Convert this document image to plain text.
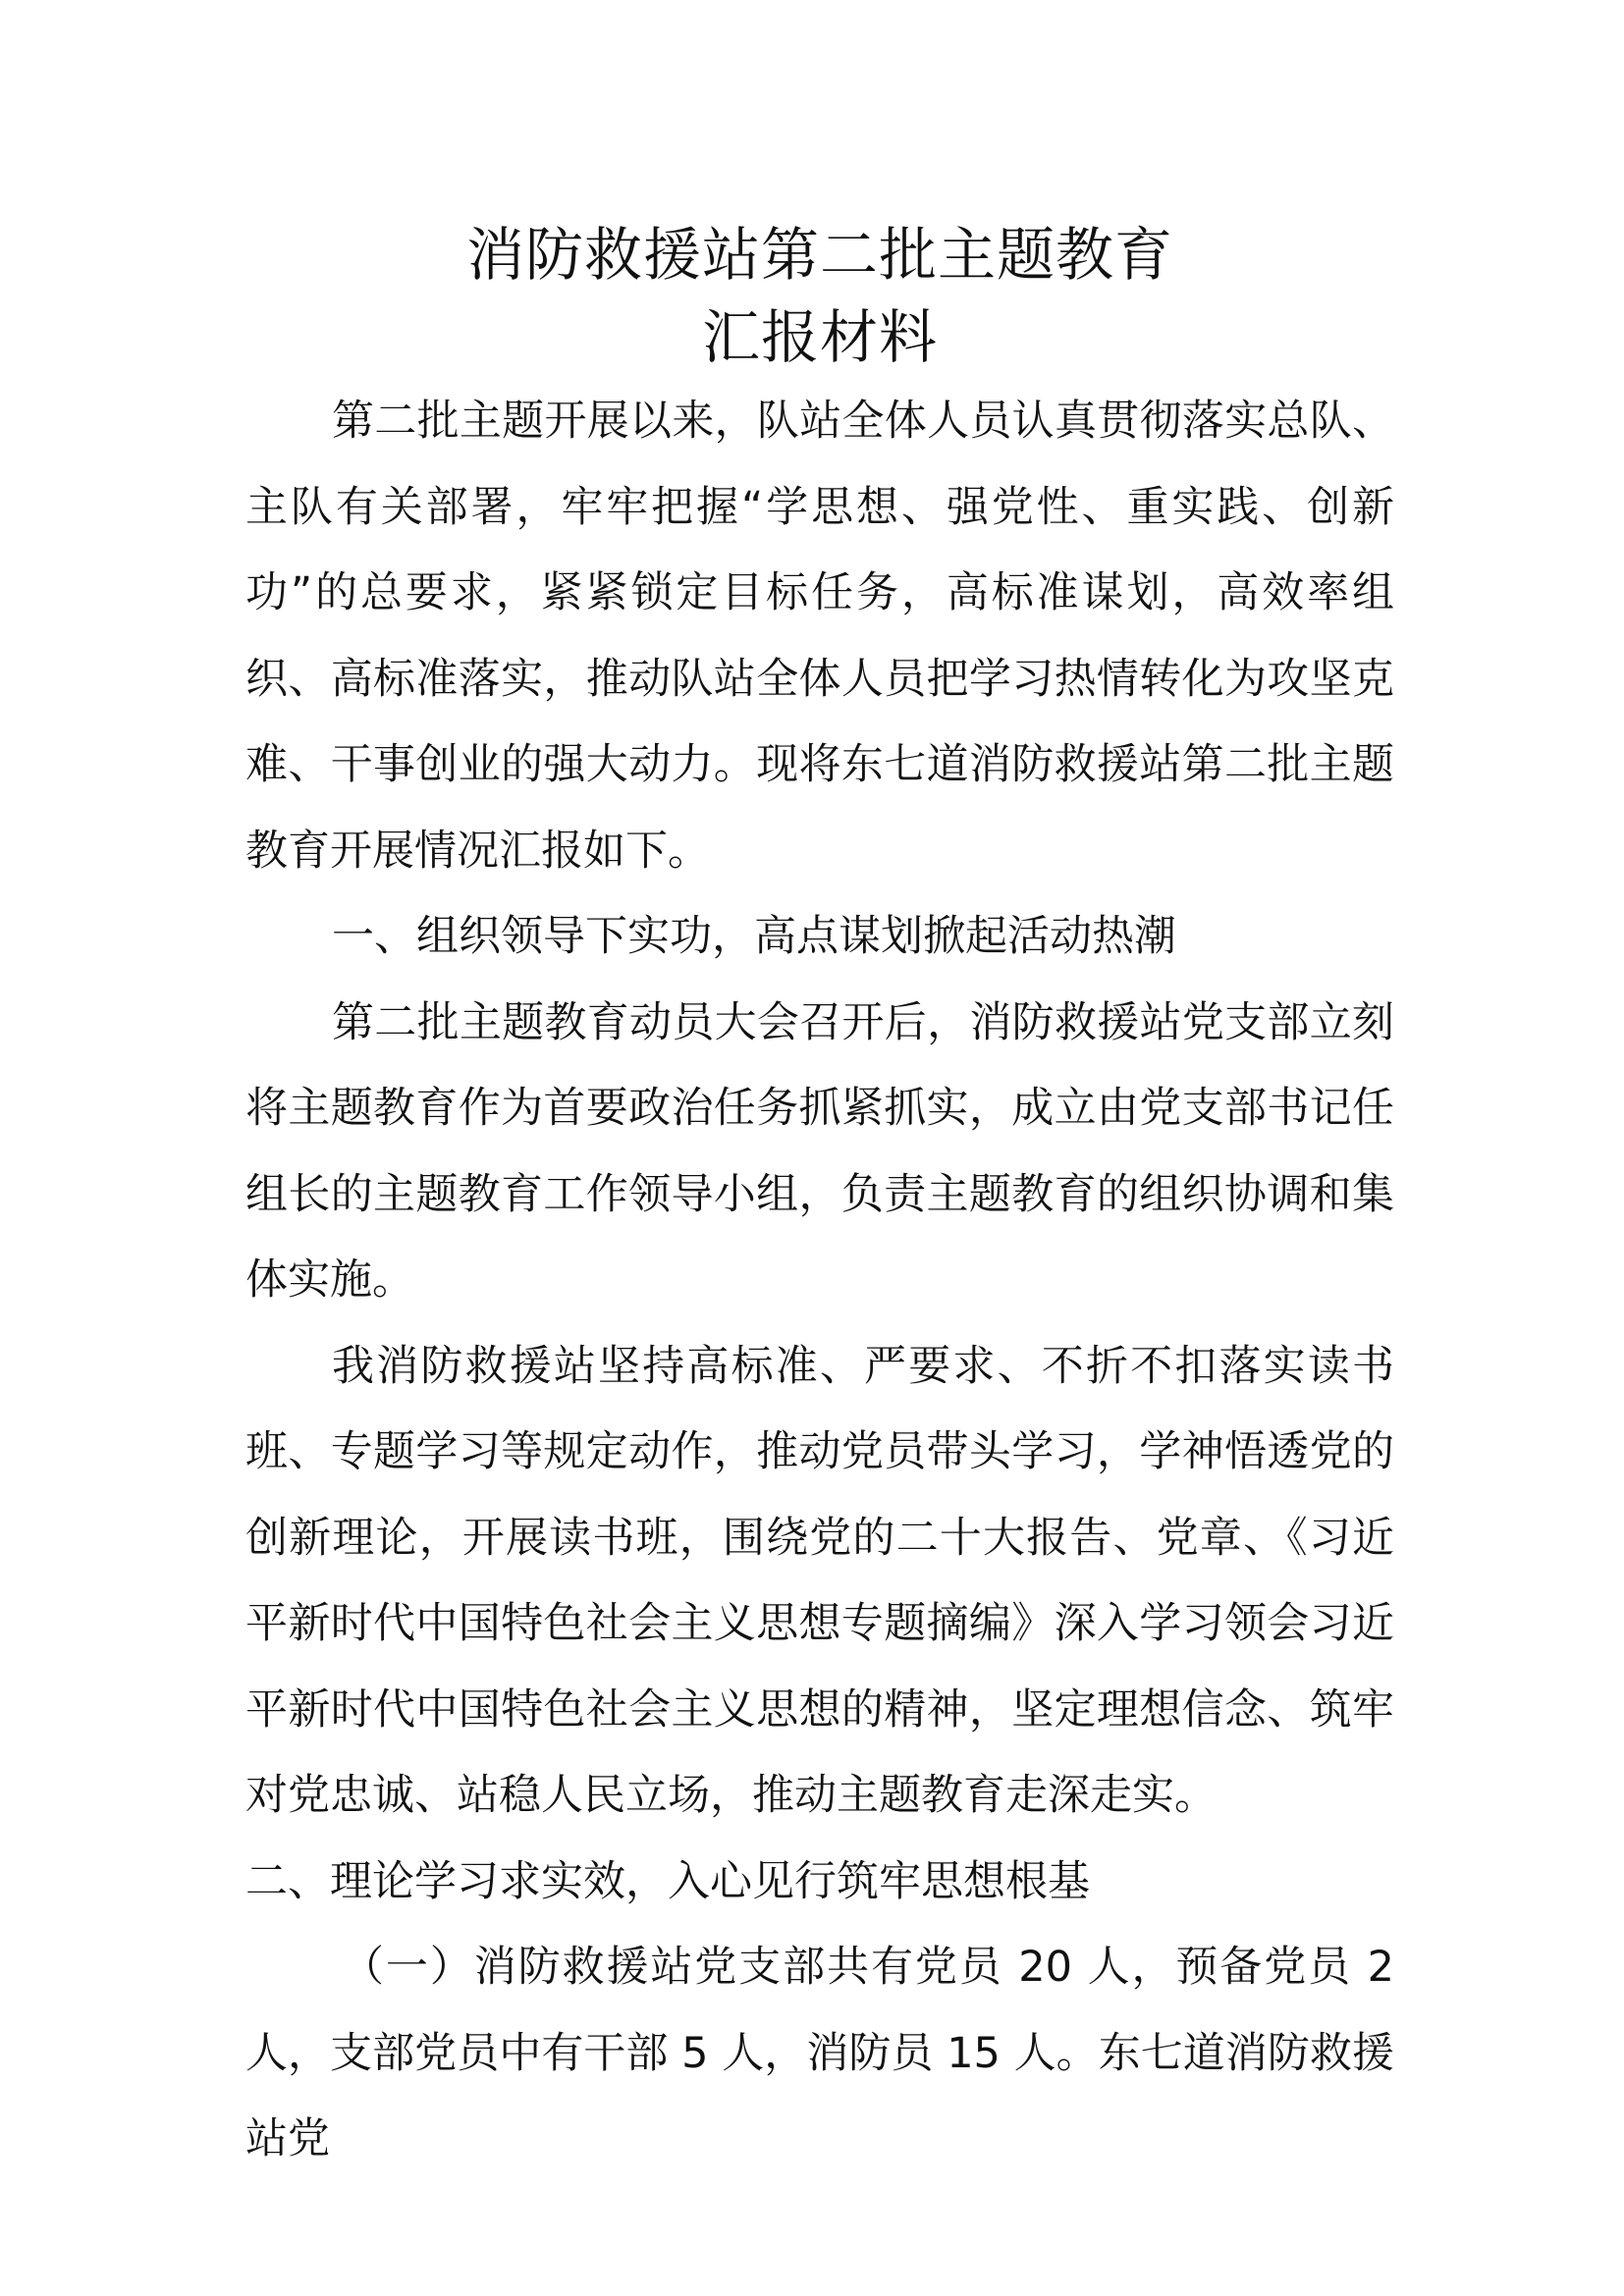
消防救援站第二批主题教育
汇报材料

第二批主题开展以来，队站全体人员认真贯彻落实总队、主队有关部署，牢牢把握“学思想、强党性、重实践、创新功”的总要求，紧紧锁定目标任务，高标准谋划，高效率组织、高标准落实，推动队站全体人员把学习热情转化为攻坚克难、干事创业的强大动力。现将东七道消防救援站第二批主题教育开展情况汇报如下。

一、组织领导下实功，高点谋划掀起活动热潮

第二批主题教育动员大会召开后，消防救援站党支部立刻将主题教育作为首要政治任务抓紧抓实，成立由党支部书记任组长的主题教育工作领导小组，负责主题教育的组织协调和集体实施。

我消防救援站坚持高标准、严要求、不折不扣落实读书班、专题学习等规定动作，推动党员带头学习，学神悟透党的创新理论，开展读书班，围绕党的二十大报告、党章、《习近平新时代中国特色社会主义思想专题摘编》深入学习领会习近平新时代中国特色社会主义思想的精神，坚定理想信念、筑牢对党忠诚、站稳人民立场，推动主题教育走深走实。

二、理论学习求实效，入心见行筑牢思想根基

（一）消防救援站党支部共有党员 20 人，预备党员 2 人，支部党员中有干部 5 人，消防员 15 人。东七道消防救援站党
